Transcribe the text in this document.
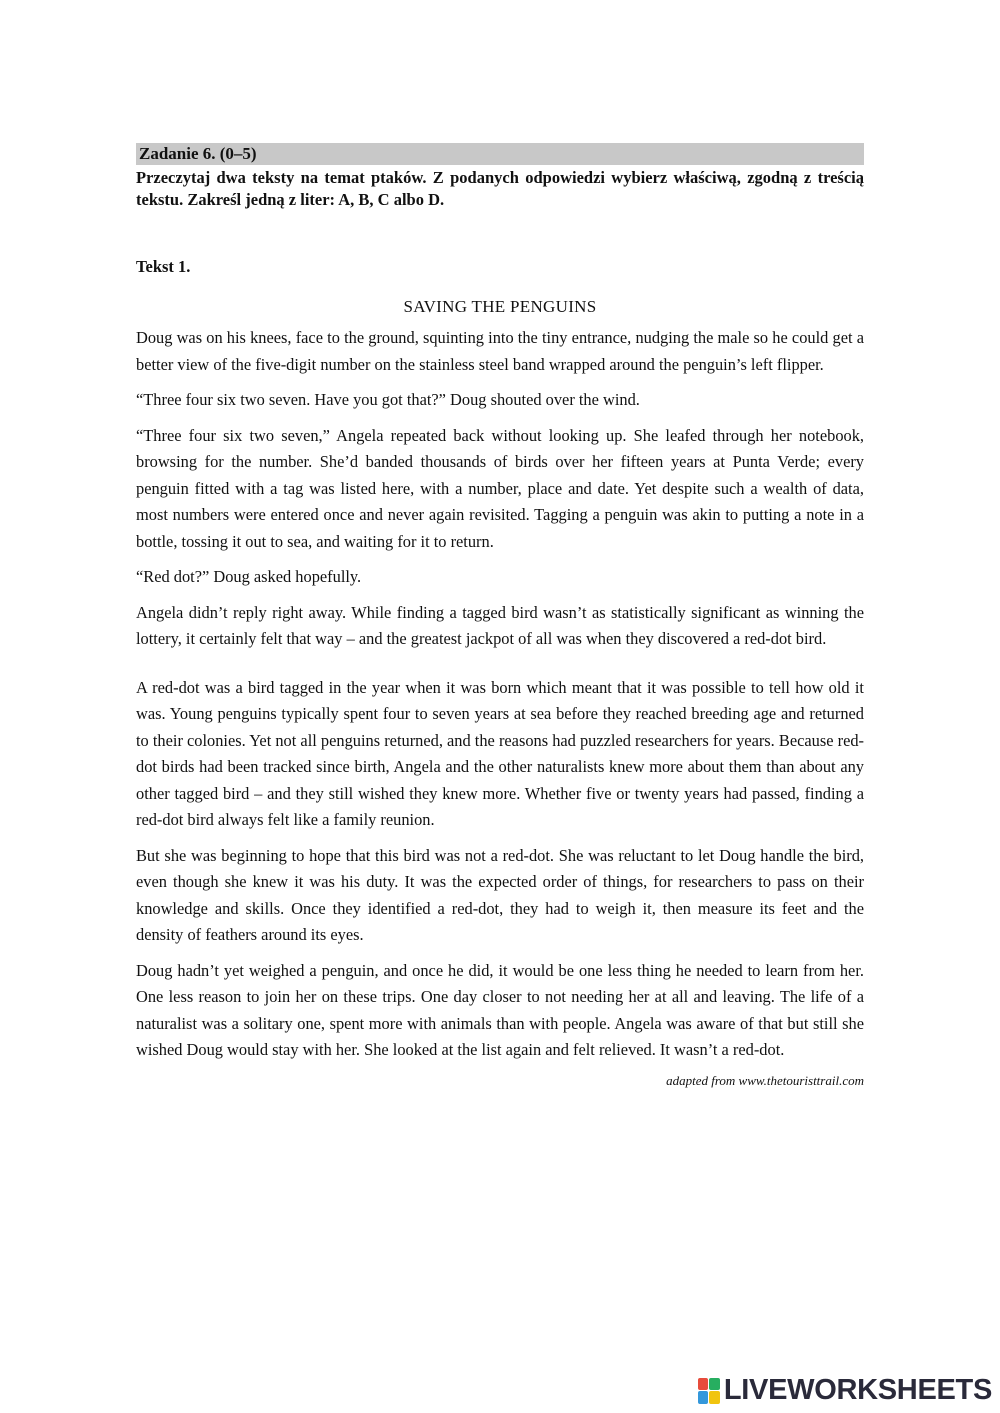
Zadanie 6. (0–5)

Przeczytaj dwa teksty na temat ptaków. Z podanych odpowiedzi wybierz właściwą, zgodną z treścią tekstu. Zakreśl jedną z liter: A, B, C albo D.

Tekst 1.
SAVING THE PENGUINS

Doug was on his knees, face to the ground, squinting into the tiny entrance, nudging the male so he could get a better view of the five-digit number on the stainless steel band wrapped around the penguin’s left flipper.

“Three four six two seven. Have you got that?” Doug shouted over the wind.

“Three four six two seven,” Angela repeated back without looking up. She leafed through her notebook, browsing for the number. She’d banded thousands of birds over her fifteen years at Punta Verde; every penguin fitted with a tag was listed here, with a number, place and date. Yet despite such a wealth of data, most numbers were entered once and never again revisited. Tagging a penguin was akin to putting a note in a bottle, tossing it out to sea, and waiting for it to return.

“Red dot?” Doug asked hopefully.

Angela didn’t reply right away. While finding a tagged bird wasn’t as statistically significant as winning the lottery, it certainly felt that way – and the greatest jackpot of all was when they discovered a red-dot bird.

A red-dot was a bird tagged in the year when it was born which meant that it was possible to tell how old it was. Young penguins typically spent four to seven years at sea before they reached breeding age and returned to their colonies. Yet not all penguins returned, and the reasons had puzzled researchers for years. Because red-dot birds had been tracked since birth, Angela and the other naturalists knew more about them than about any other tagged bird – and they still wished they knew more. Whether five or twenty years had passed, finding a red-dot bird always felt like a family reunion.

But she was beginning to hope that this bird was not a red-dot. She was reluctant to let Doug handle the bird, even though she knew it was his duty. It was the expected order of things, for researchers to pass on their knowledge and skills. Once they identified a red-dot, they had to weigh it, then measure its feet and the density of feathers around its eyes.

Doug hadn’t yet weighed a penguin, and once he did, it would be one less thing he needed to learn from her. One less reason to join her on these trips. One day closer to not needing her at all and leaving. The life of a naturalist was a solitary one, spent more with animals than with people. Angela was aware of that but still she wished Doug would stay with her. She looked at the list again and felt relieved. It wasn’t a red-dot.

adapted from www.thetouristtrail.com
LIVEWORKSHEETS
